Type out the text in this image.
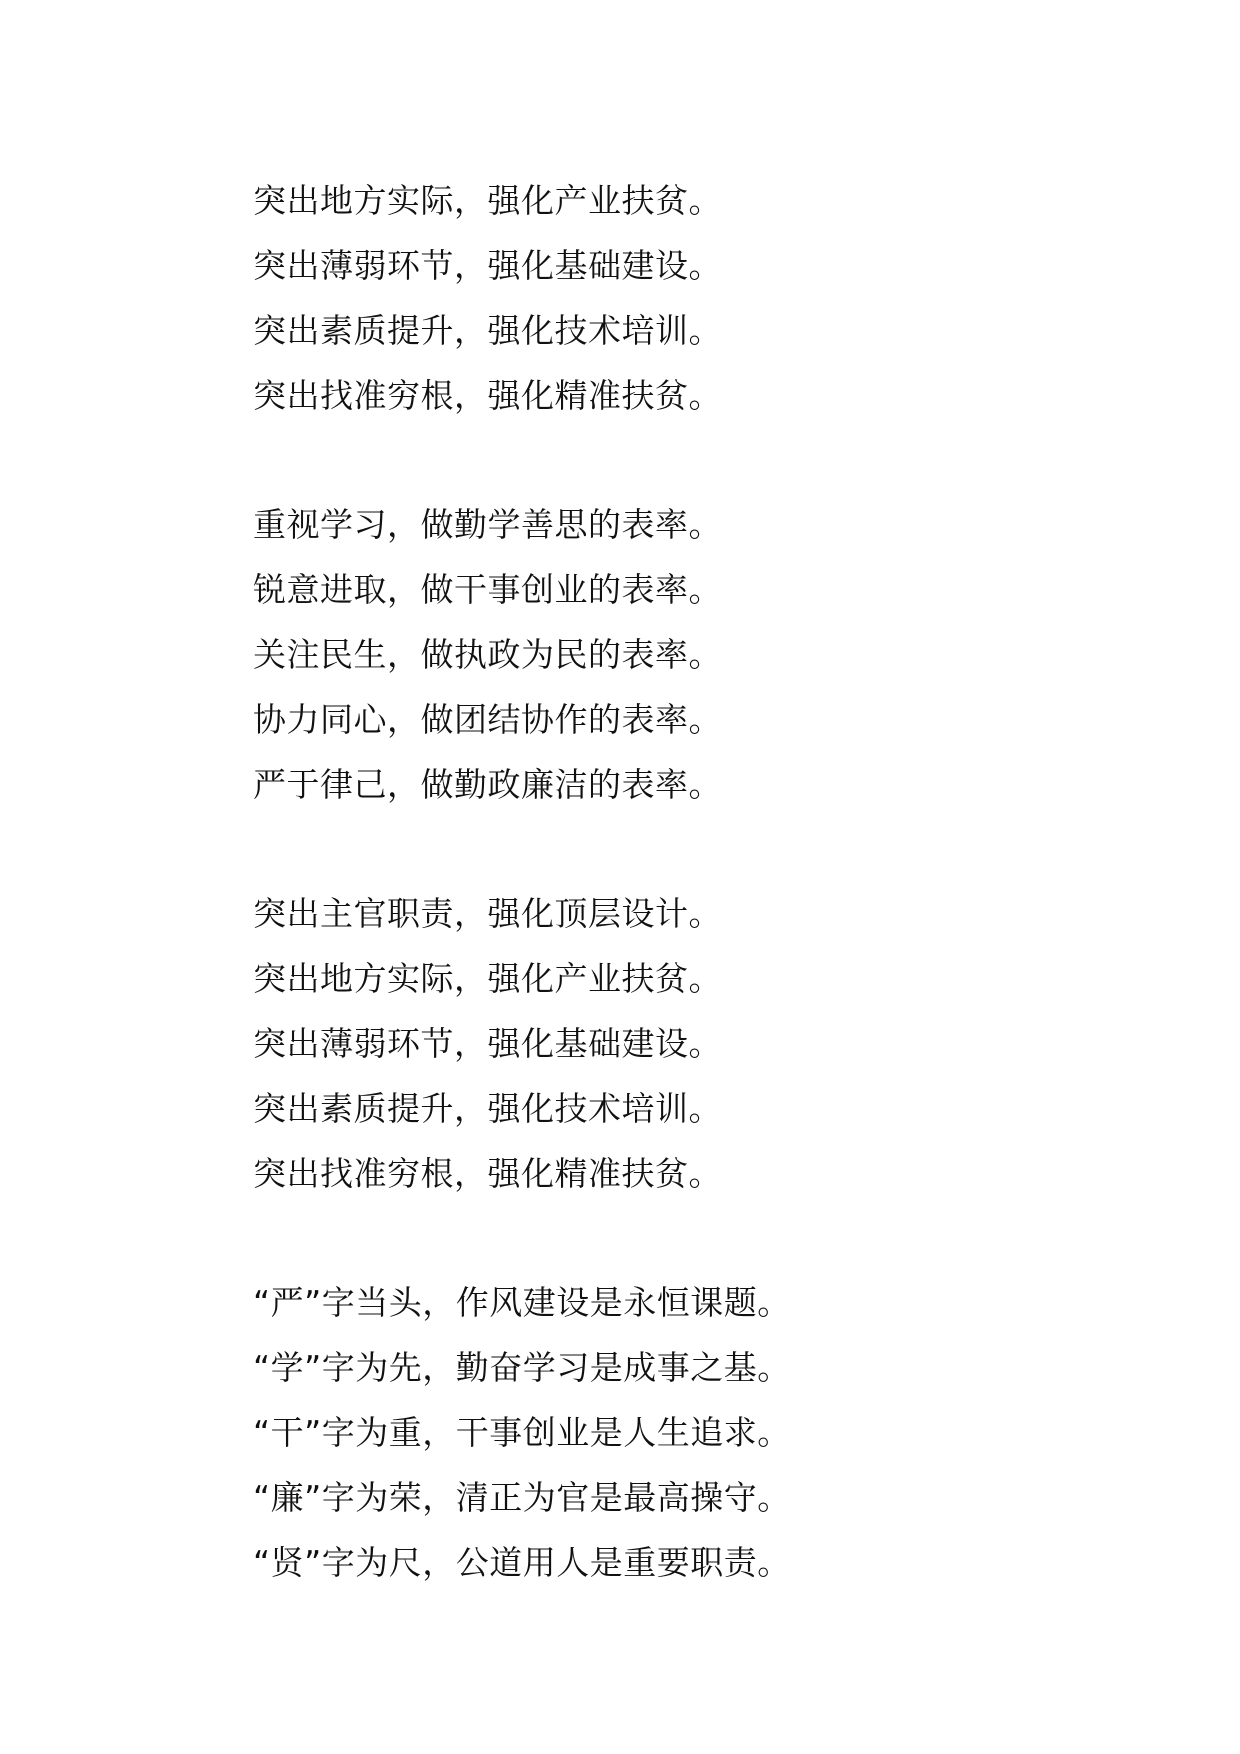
突出地方实际，强化产业扶贫。
突出薄弱环节，强化基础建设。
突出素质提升，强化技术培训。
突出找准穷根，强化精准扶贫。
重视学习，做勤学善思的表率。
锐意进取，做干事创业的表率。
关注民生，做执政为民的表率。
协力同心，做团结协作的表率。
严于律己，做勤政廉洁的表率。
突出主官职责，强化顶层设计。
突出地方实际，强化产业扶贫。
突出薄弱环节，强化基础建设。
突出素质提升，强化技术培训。
突出找准穷根，强化精准扶贫。
“严”字当头，作风建设是永恒课题。
“学”字为先，勤奋学习是成事之基。
“干”字为重，干事创业是人生追求。
“廉”字为荣，清正为官是最高操守。
“贤”字为尺，公道用人是重要职责。
